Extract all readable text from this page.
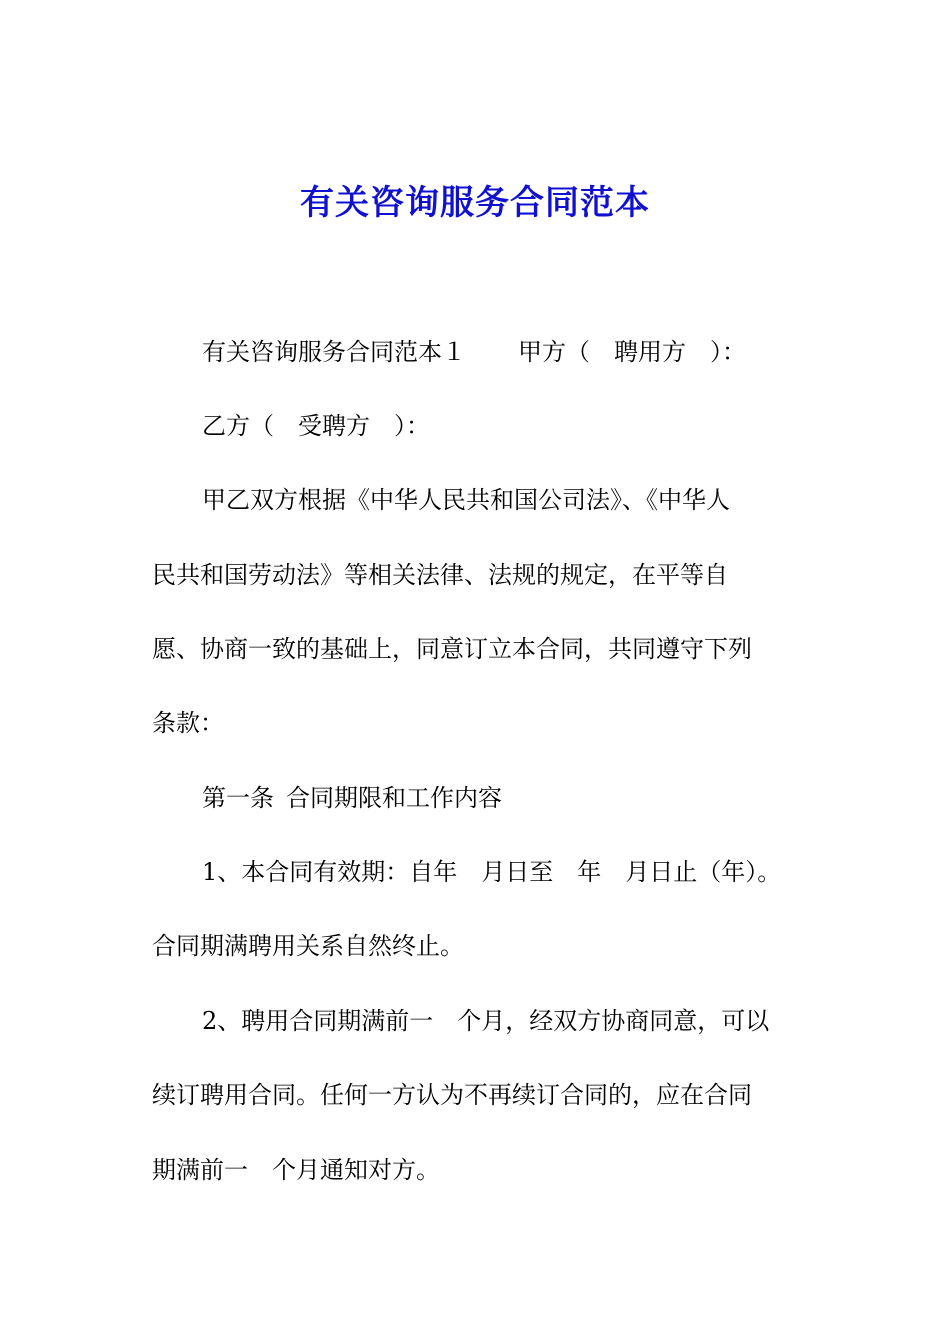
有关咨询服务合同范本
有关咨询服务合同范本１ 甲方（　聘用方　）：
乙方（　受聘方　）：
甲乙双方根据《中华人民共和国公司法》、《中华人
民共和国劳动法》等相关法律、法规的规定，在平等自
愿、协商一致的基础上，同意订立本合同，共同遵守下列
条款：
第一条 合同期限和工作内容
1、本合同有效期：自年　月日至　年　月日止（年）。
合同期满聘用关系自然终止。
2、聘用合同期满前一　个月，经双方协商同意，可以
续订聘用合同。任何一方认为不再续订合同的，应在合同
期满前一　个月通知对方。
